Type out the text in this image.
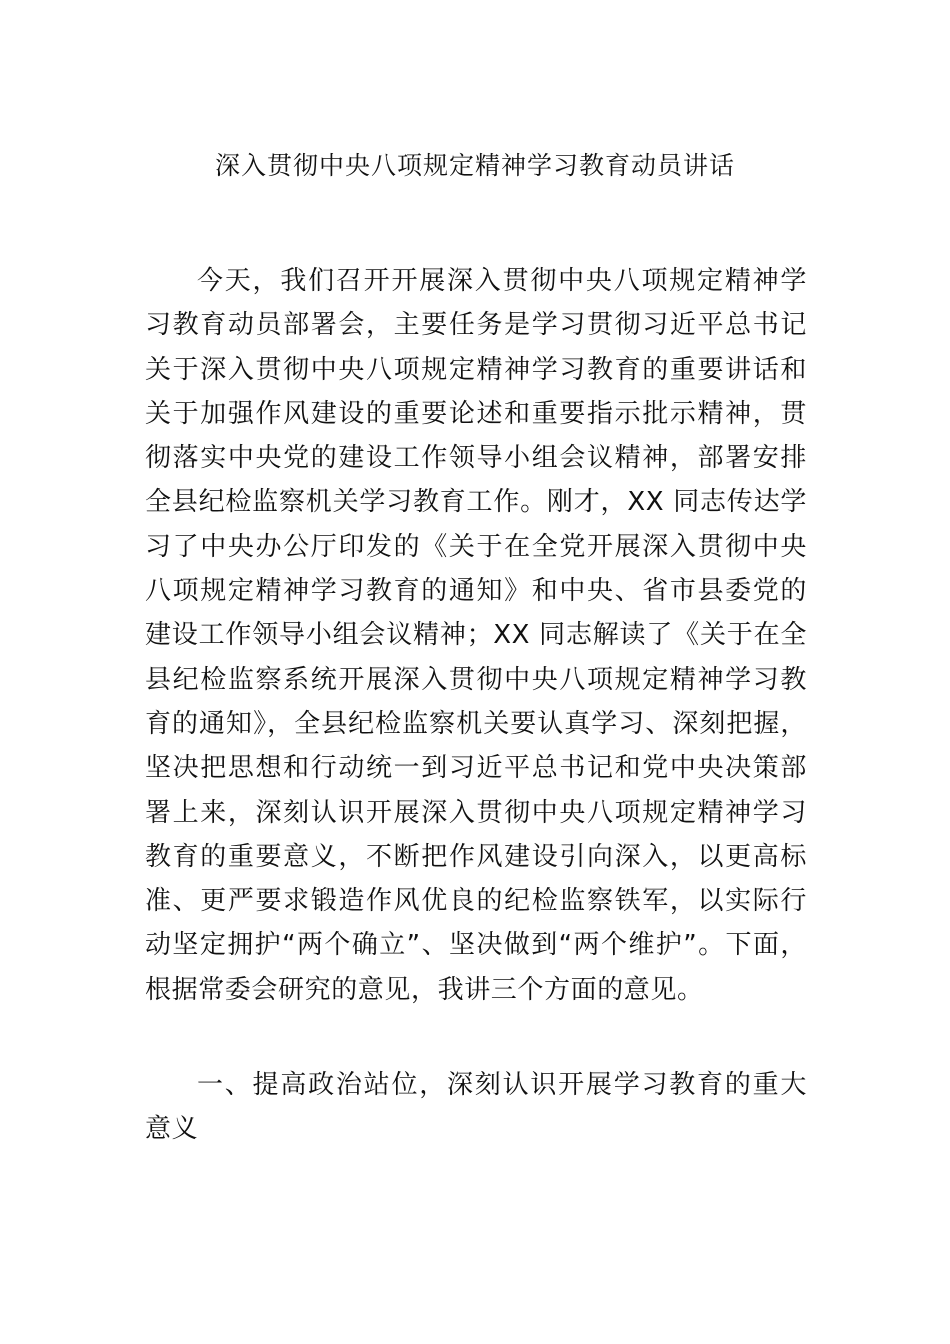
深入贯彻中央八项规定精神学习教育动员讲话

今天，我们召开开展深入贯彻中央八项规定精神学习教育动员部署会，主要任务是学习贯彻习近平总书记关于深入贯彻中央八项规定精神学习教育的重要讲话和关于加强作风建设的重要论述和重要指示批示精神，贯彻落实中央党的建设工作领导小组会议精神，部署安排全县纪检监察机关学习教育工作。刚才，XX 同志传达学习了中央办公厅印发的《关于在全党开展深入贯彻中央八项规定精神学习教育的通知》和中央、省市县委党的建设工作领导小组会议精神；XX 同志解读了《关于在全县纪检监察系统开展深入贯彻中央八项规定精神学习教育的通知》，全县纪检监察机关要认真学习、深刻把握，坚决把思想和行动统一到习近平总书记和党中央决策部署上来，深刻认识开展深入贯彻中央八项规定精神学习教育的重要意义，不断把作风建设引向深入，以更高标准、更严要求锻造作风优良的纪检监察铁军，以实际行动坚定拥护“两个确立”、坚决做到“两个维护”。下面，根据常委会研究的意见，我讲三个方面的意见。

一、提高政治站位，深刻认识开展学习教育的重大意义
